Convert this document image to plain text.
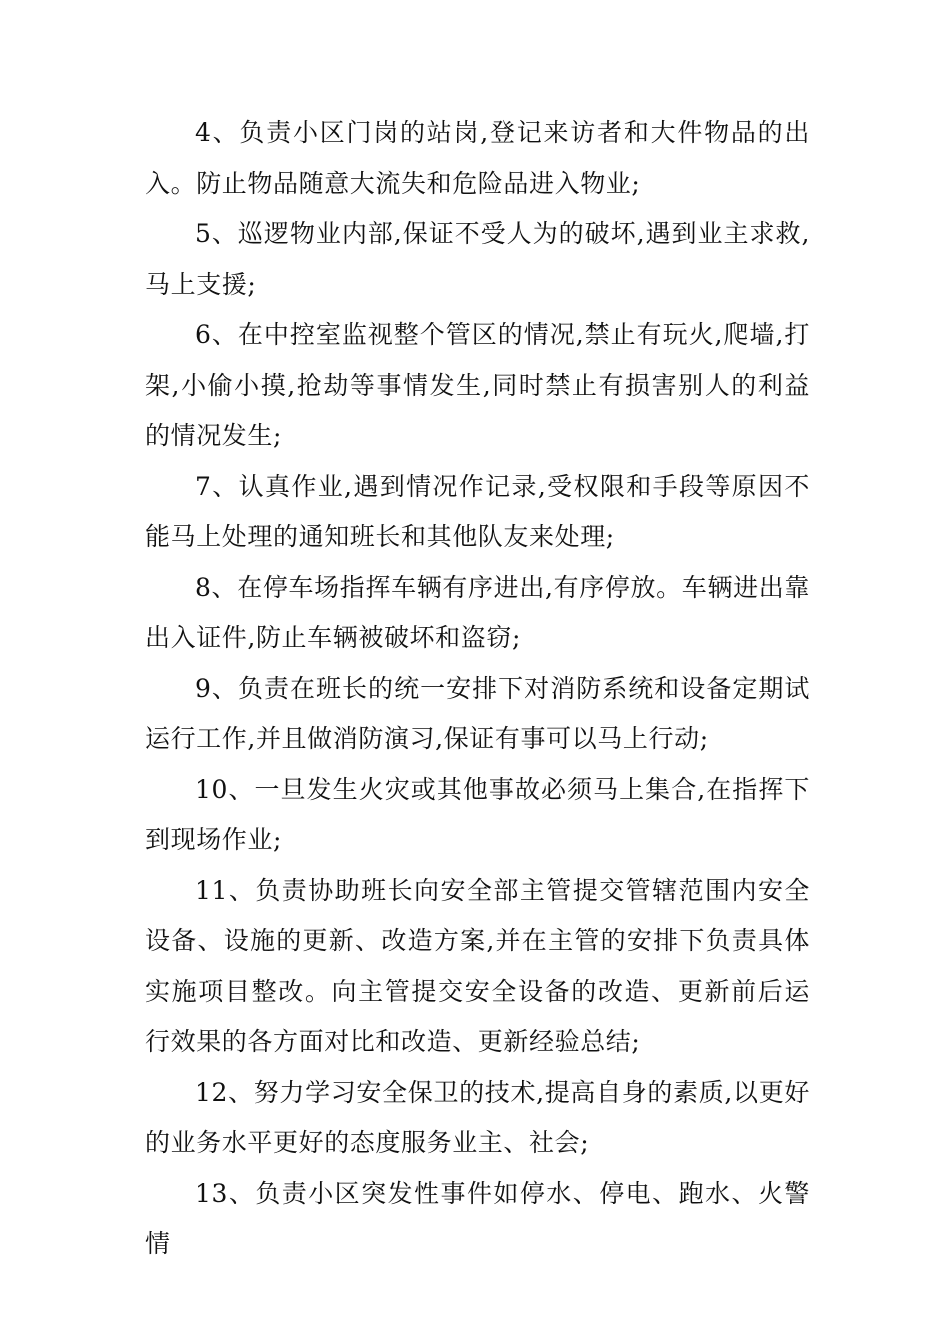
4、负责小区门岗的站岗,登记来访者和大件物品的出入。防止物品随意大流失和危险品进入物业;

5、巡逻物业内部,保证不受人为的破坏,遇到业主求救,马上支援;

6、在中控室监视整个管区的情况,禁止有玩火,爬墙,打架,小偷小摸,抢劫等事情发生,同时禁止有损害别人的利益的情况发生;

7、认真作业,遇到情况作记录,受权限和手段等原因不能马上处理的通知班长和其他队友来处理;

8、在停车场指挥车辆有序进出,有序停放。车辆进出靠出入证件,防止车辆被破坏和盗窃;

9、负责在班长的统一安排下对消防系统和设备定期试运行工作,并且做消防演习,保证有事可以马上行动;

10、一旦发生火灾或其他事故必须马上集合,在指挥下到现场作业;

11、负责协助班长向安全部主管提交管辖范围内安全设备、设施的更新、改造方案,并在主管的安排下负责具体实施项目整改。向主管提交安全设备的改造、更新前后运行效果的各方面对比和改造、更新经验总结;

12、努力学习安全保卫的技术,提高自身的素质,以更好的业务水平更好的态度服务业主、社会;

13、负责小区突发性事件如停水、停电、跑水、火警情
